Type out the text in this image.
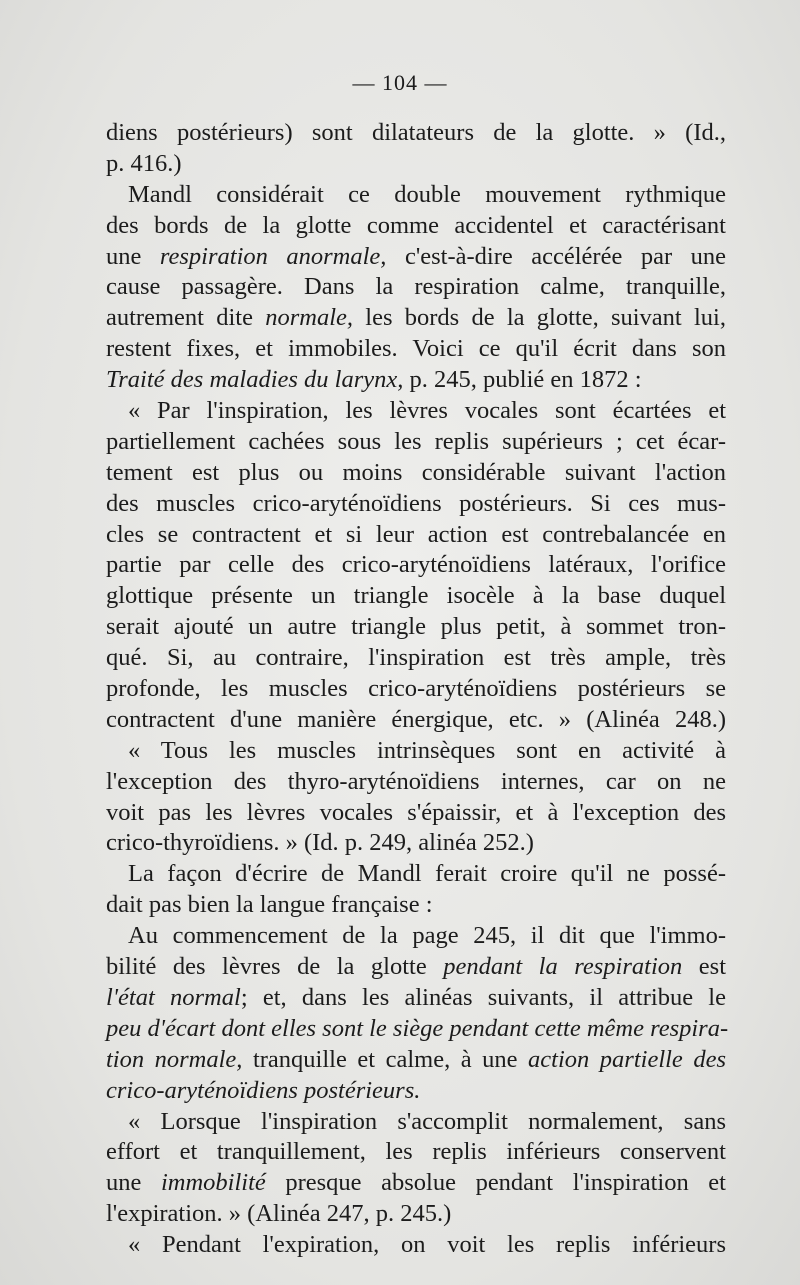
— 104 —
diens postérieurs) sont dilatateurs de la glotte. » (Id.,
p. 416.)
Mandl considérait ce double mouvement rythmique
des bords de la glotte comme accidentel et caractérisant
une respiration anormale, c'est-à-dire accélérée par une
cause passagère. Dans la respiration calme, tranquille,
autrement dite normale, les bords de la glotte, suivant lui,
restent fixes, et immobiles. Voici ce qu'il écrit dans son
Traité des maladies du larynx, p. 245, publié en 1872 :
« Par l'inspiration, les lèvres vocales sont écartées et
partiellement cachées sous les replis supérieurs ; cet écar-
tement est plus ou moins considérable suivant l'action
des muscles crico-aryténoïdiens postérieurs. Si ces mus-
cles se contractent et si leur action est contrebalancée en
partie par celle des crico-aryténoïdiens latéraux, l'orifice
glottique présente un triangle isocèle à la base duquel
serait ajouté un autre triangle plus petit, à sommet tron-
qué. Si, au contraire, l'inspiration est très ample, très
profonde, les muscles crico-aryténoïdiens postérieurs se
contractent d'une manière énergique, etc. » (Alinéa 248.)
« Tous les muscles intrinsèques sont en activité à
l'exception des thyro-aryténoïdiens internes, car on ne
voit pas les lèvres vocales s'épaissir, et à l'exception des
crico-thyroïdiens. » (Id. p. 249, alinéa 252.)
La façon d'écrire de Mandl ferait croire qu'il ne possé-
dait pas bien la langue française :
Au commencement de la page 245, il dit que l'immo-
bilité des lèvres de la glotte pendant la respiration est
l'état normal; et, dans les alinéas suivants, il attribue le
peu d'écart dont elles sont le siège pendant cette même respira-
tion normale, tranquille et calme, à une action partielle des
crico-aryténoïdiens postérieurs.
« Lorsque l'inspiration s'accomplit normalement, sans
effort et tranquillement, les replis inférieurs conservent
une immobilité presque absolue pendant l'inspiration et
l'expiration. » (Alinéa 247, p. 245.)
« Pendant l'expiration, on voit les replis inférieurs
